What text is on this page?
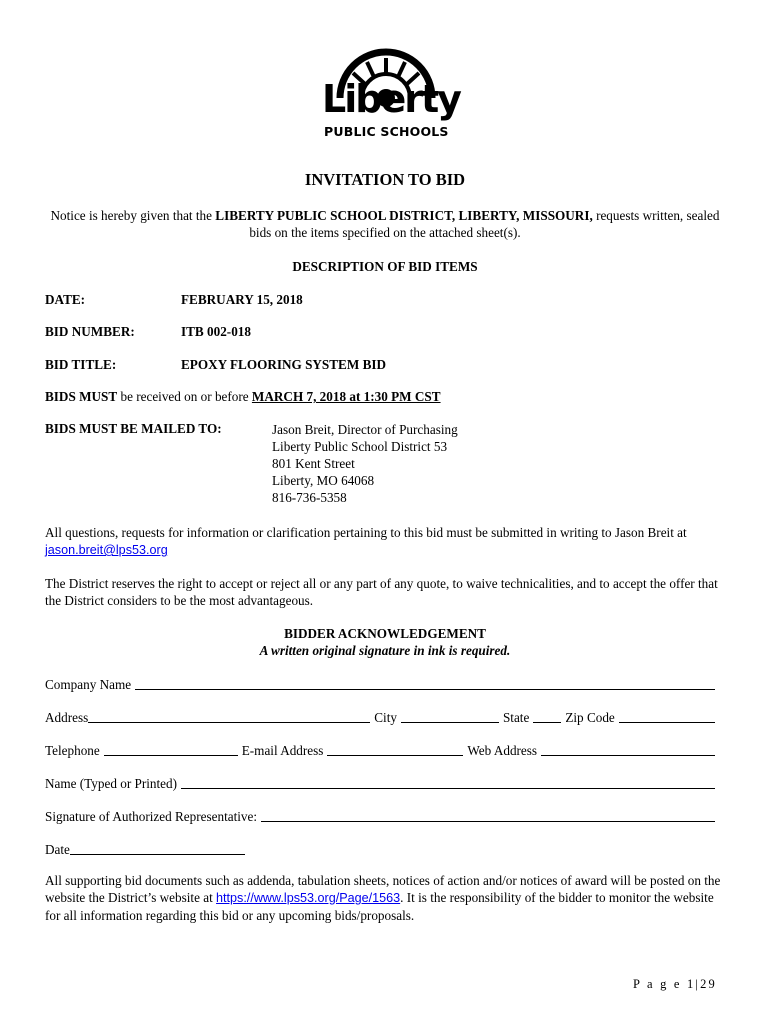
Liberty
PUBLIC SCHOOLS
INVITATION TO BID
Notice is hereby given that the LIBERTY PUBLIC SCHOOL DISTRICT, LIBERTY, MISSOURI, requests written, sealed bids on the items specified on the attached sheet(s).
DESCRIPTION OF BID ITEMS
DATE:	FEBRUARY 15, 2018
BID NUMBER:	ITB 002-018
BID TITLE:	EPOXY FLOORING SYSTEM BID
BIDS MUST be received on or before MARCH 7, 2018 at 1:30 PM CST
BIDS MUST BE MAILED TO:	Jason Breit, Director of Purchasing
Liberty Public School District 53
801 Kent Street
Liberty, MO 64068
816-736-5358
All questions, requests for information or clarification pertaining to this bid must be submitted in writing to Jason Breit at jason.breit@lps53.org
The District reserves the right to accept or reject all or any part of any quote, to waive technicalities, and to accept the offer that the District considers to be the most advantageous.
BIDDER ACKNOWLEDGEMENT
A written original signature in ink is required.
Company Name
Address	City	State	Zip Code
Telephone	E-mail Address	Web Address
Name (Typed or Printed)
Signature of Authorized Representative:
Date
All supporting bid documents such as addenda, tabulation sheets, notices of action and/or notices of award will be posted on the website the District’s website at https://www.lps53.org/Page/1563. It is the responsibility of the bidder to monitor the website for all information regarding this bid or any upcoming bids/proposals.
P a g e 1|29
